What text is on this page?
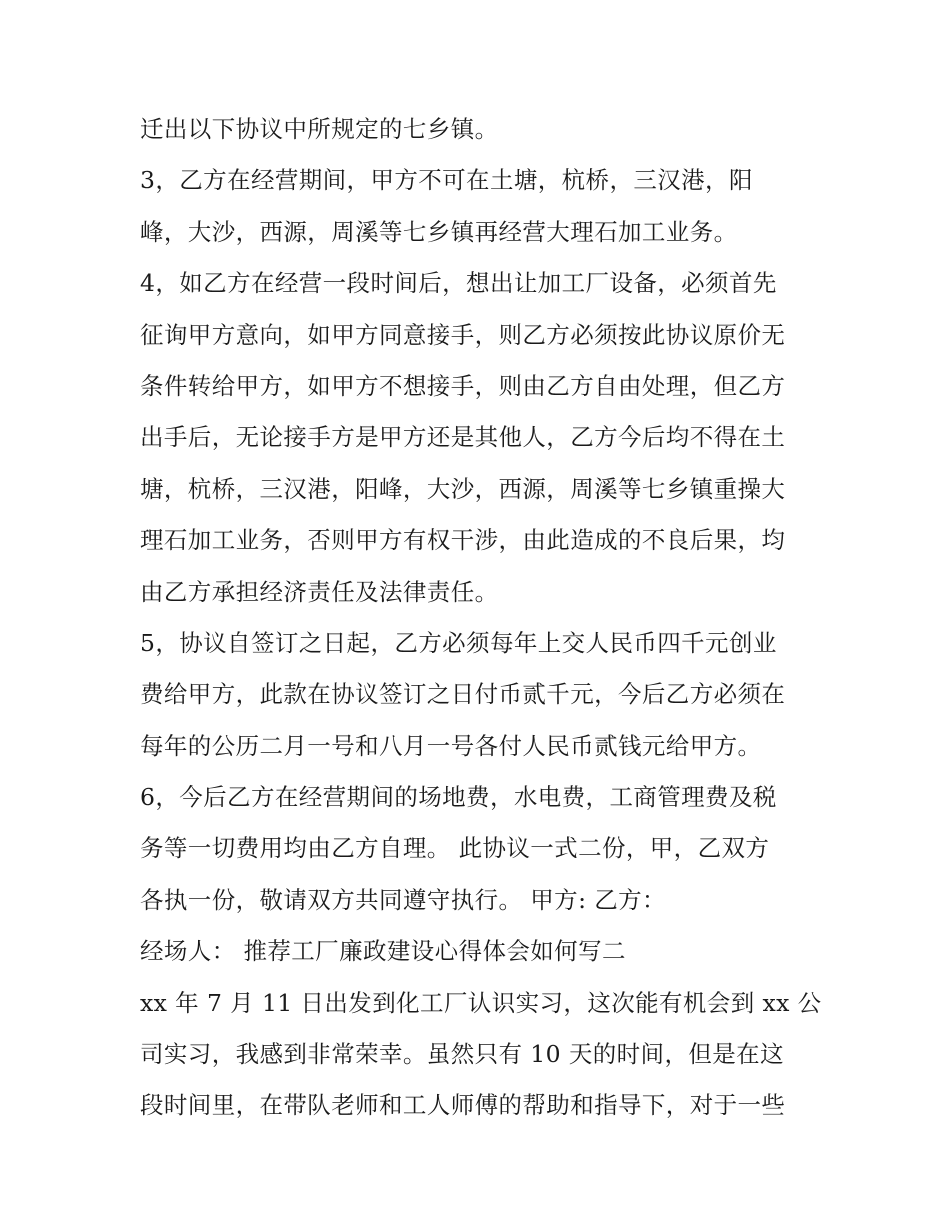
迁出以下协议中所规定的七乡镇。
3，乙方在经营期间，甲方不可在土塘，杭桥，三汉港，阳
峰，大沙，西源，周溪等七乡镇再经营大理石加工业务。
4，如乙方在经营一段时间后，想出让加工厂设备，必须首先
征询甲方意向，如甲方同意接手，则乙方必须按此协议原价无
条件转给甲方，如甲方不想接手，则由乙方自由处理，但乙方
出手后，无论接手方是甲方还是其他人，乙方今后均不得在土
塘，杭桥，三汉港，阳峰，大沙，西源，周溪等七乡镇重操大
理石加工业务，否则甲方有权干涉，由此造成的不良后果，均
由乙方承担经济责任及法律责任。
5，协议自签订之日起，乙方必须每年上交人民币四千元创业
费给甲方，此款在协议签订之日付币贰千元，今后乙方必须在
每年的公历二月一号和八月一号各付人民币贰钱元给甲方。
6，今后乙方在经营期间的场地费，水电费，工商管理费及税
务等一切费用均由乙方自理。 此协议一式二份，甲，乙双方
各执一份，敬请双方共同遵守执行。 甲方: 乙方：
经场人： 推荐工厂廉政建设心得体会如何写二
xx 年 7 月 11 日出发到化工厂认识实习，这次能有机会到 xx 公
司实习，我感到非常荣幸。虽然只有 10 天的时间，但是在这
段时间里，在带队老师和工人师傅的帮助和指导下，对于一些
